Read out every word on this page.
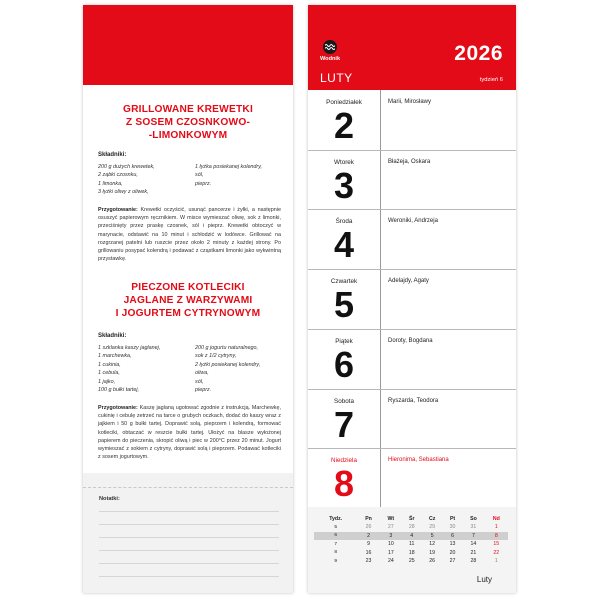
GRILLOWANE KREWETKI
Z SOSEM CZOSNKOWO-
-LIMONKOWYM
Składniki:
200 g dużych krewetek,
2 ząbki czosnku,
1 limonka,
3 łyżki oliwy z oliwek,
1 łyżka posiekanej kolendry,
sól,
pieprz.
Przygotowanie: Krewetki oczyścić, usunąć pancerze i żyłki, a następnie osuszyć papierowym ręcznikiem. W misce wymieszać oliwę, sok z limonki, przeciśnięty przez praskę czosnek, sól i pieprz. Krewetki obtoczyć w marynacie, odstawić na 10 minut i schłodzić w lodówce. Grillować na rozgrzanej patelni lub ruszcie przez około 2 minuty z każdej strony. Po grillowaniu posypać kolendrą i podawać z cząstkami limonki jako wykwintną przystawkę.
PIECZONE KOTLECIKI
JAGLANE Z WARZYWAMI
I JOGURTEM CYTRYNOWYM
Składniki:
1 szklanka kaszy jaglanej,
1 marchewka,
1 cukinia,
1 cebula,
1 jajko,
100 g bułki tartej,
200 g jogurtu naturalnego,
sok z 1/2 cytryny,
2 łyżki posiekanej kolendry,
oliwa,
sól,
pieprz.
Przygotowanie: Kaszę jaglaną ugotować zgodnie z instrukcją. Marchewkę, cukinię i cebulę zetrzeć na tarce o grubych oczkach, dodać do kaszy wraz z jajkiem i 50 g bułki tartej. Doprawić solą, pieprzem i kolendrą, formować kotleciki, obtaczać w reszcie bułki tartej. Ułożyć na blasze wyłożonej papierem do pieczenia, skropić oliwą i piec w 200°C przez 20 minut. Jogurt wymieszać z sokiem z cytryny, doprawić solą i pieprzem. Podawać kotleciki z sosem jogurtowym.
Notatki:
Wodnik	2026
LUTY	tydzień 6
Poniedziałek
2
Marii, Mirosławy
Wtorek
3
Błażeja, Oskara
Środa
4
Weroniki, Andrzeja
Czwartek
5
Adelajdy, Agaty
Piątek
6
Doroty, Bogdana
Sobota
7
Ryszarda, Teodora
Niedziela
8
Hieronima, Sebastiana
Tydz.	Pn	Wt	Śr	Cz	Pt	So	Nd
5	26	27	28	29	30	31	1
6	2	3	4	5	6	7	8
7	9	10	11	12	13	14	15
8	16	17	18	19	20	21	22
9	23	24	25	26	27	28	1
Luty
